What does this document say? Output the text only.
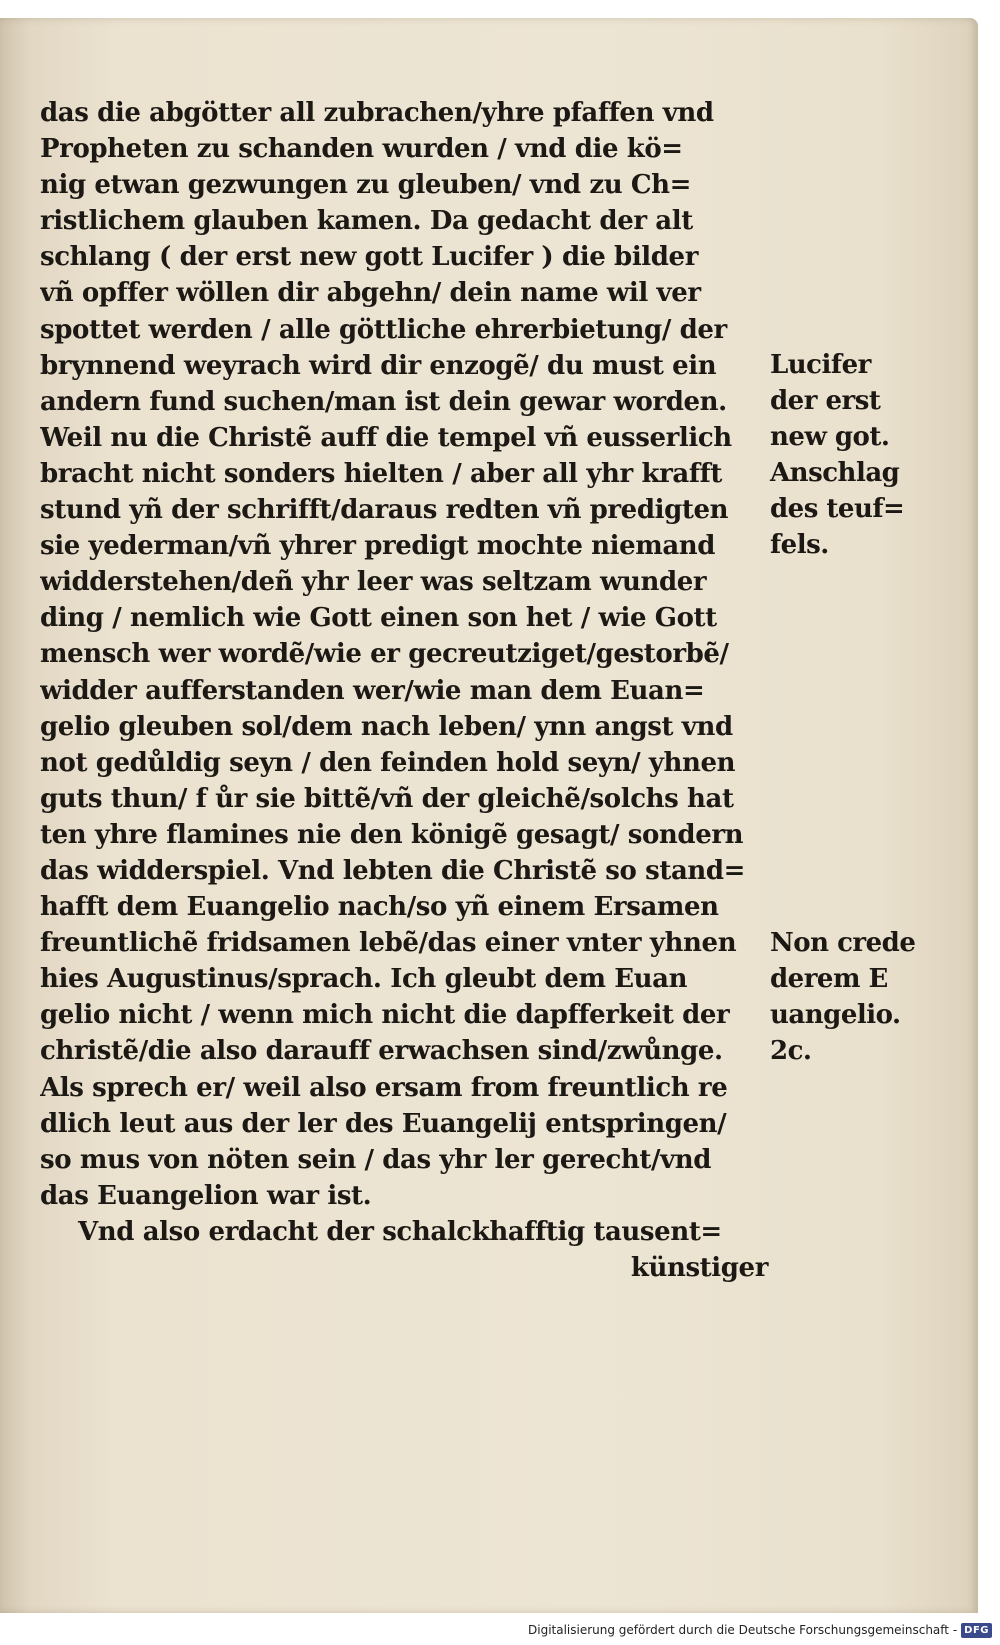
das die abgötter all zubrachen/yhre pfaffen vnd
Propheten zu schanden wurden / vnd die kö=
nig etwan gezwungen zu gleuben/ vnd zu Ch=
ristlichem glauben kamen. Da gedacht der alt
schlang ( der erst new gott Lucifer ) die bilder
vñ opffer wöllen dir abgehn/ dein name wil ver
spottet werden / alle göttliche ehrerbietung/ der
brynnend weyrach wird dir enzogẽ/ du must ein
andern fund suchen/man ist dein gewar worden.
Weil nu die Christẽ auff die tempel vñ eusserlich
bracht nicht sonders hielten / aber all yhr krafft
stund yñ der schrifft/daraus redten vñ predigten
sie yederman/vñ yhrer predigt mochte niemand
widderstehen/deñ yhr leer was seltzam wunder
ding / nemlich wie Gott einen son het / wie Gott
mensch wer wordẽ/wie er gecreutziget/gestorbẽ/
widder aufferstanden wer/wie man dem Euan=
gelio gleuben sol/dem nach leben/ ynn angst vnd
not gedůldig seyn / den feinden hold seyn/ yhnen
guts thun/ f ůr sie bittẽ/vñ der gleichẽ/solchs hat
ten yhre flamines nie den königẽ gesagt/ sondern
das widderspiel. Vnd lebten die Christẽ so stand=
hafft dem Euangelio nach/so yñ einem Ersamen
freuntlichẽ fridsamen lebẽ/das einer vnter yhnen
hies Augustinus/sprach. Ich gleubt dem Euan
gelio nicht / wenn mich nicht die dapfferkeit der
christẽ/die also darauff erwachsen sind/zwůnge.
Als sprech er/ weil also ersam from freuntlich re
dlich leut aus der ler des Euangelij entspringen/
so mus von nöten sein / das yhr ler gerecht/vnd
das Euangelion war ist.
Vnd also erdacht der schalckhafftig tausent=
künstiger
Lucifer
der erst
new got.
Anschlag
des teuf=
fels.
Non crede
derem E
uangelio.
2c.
Digitalisierung gefördert durch die Deutsche Forschungsgemeinschaft - DFG
